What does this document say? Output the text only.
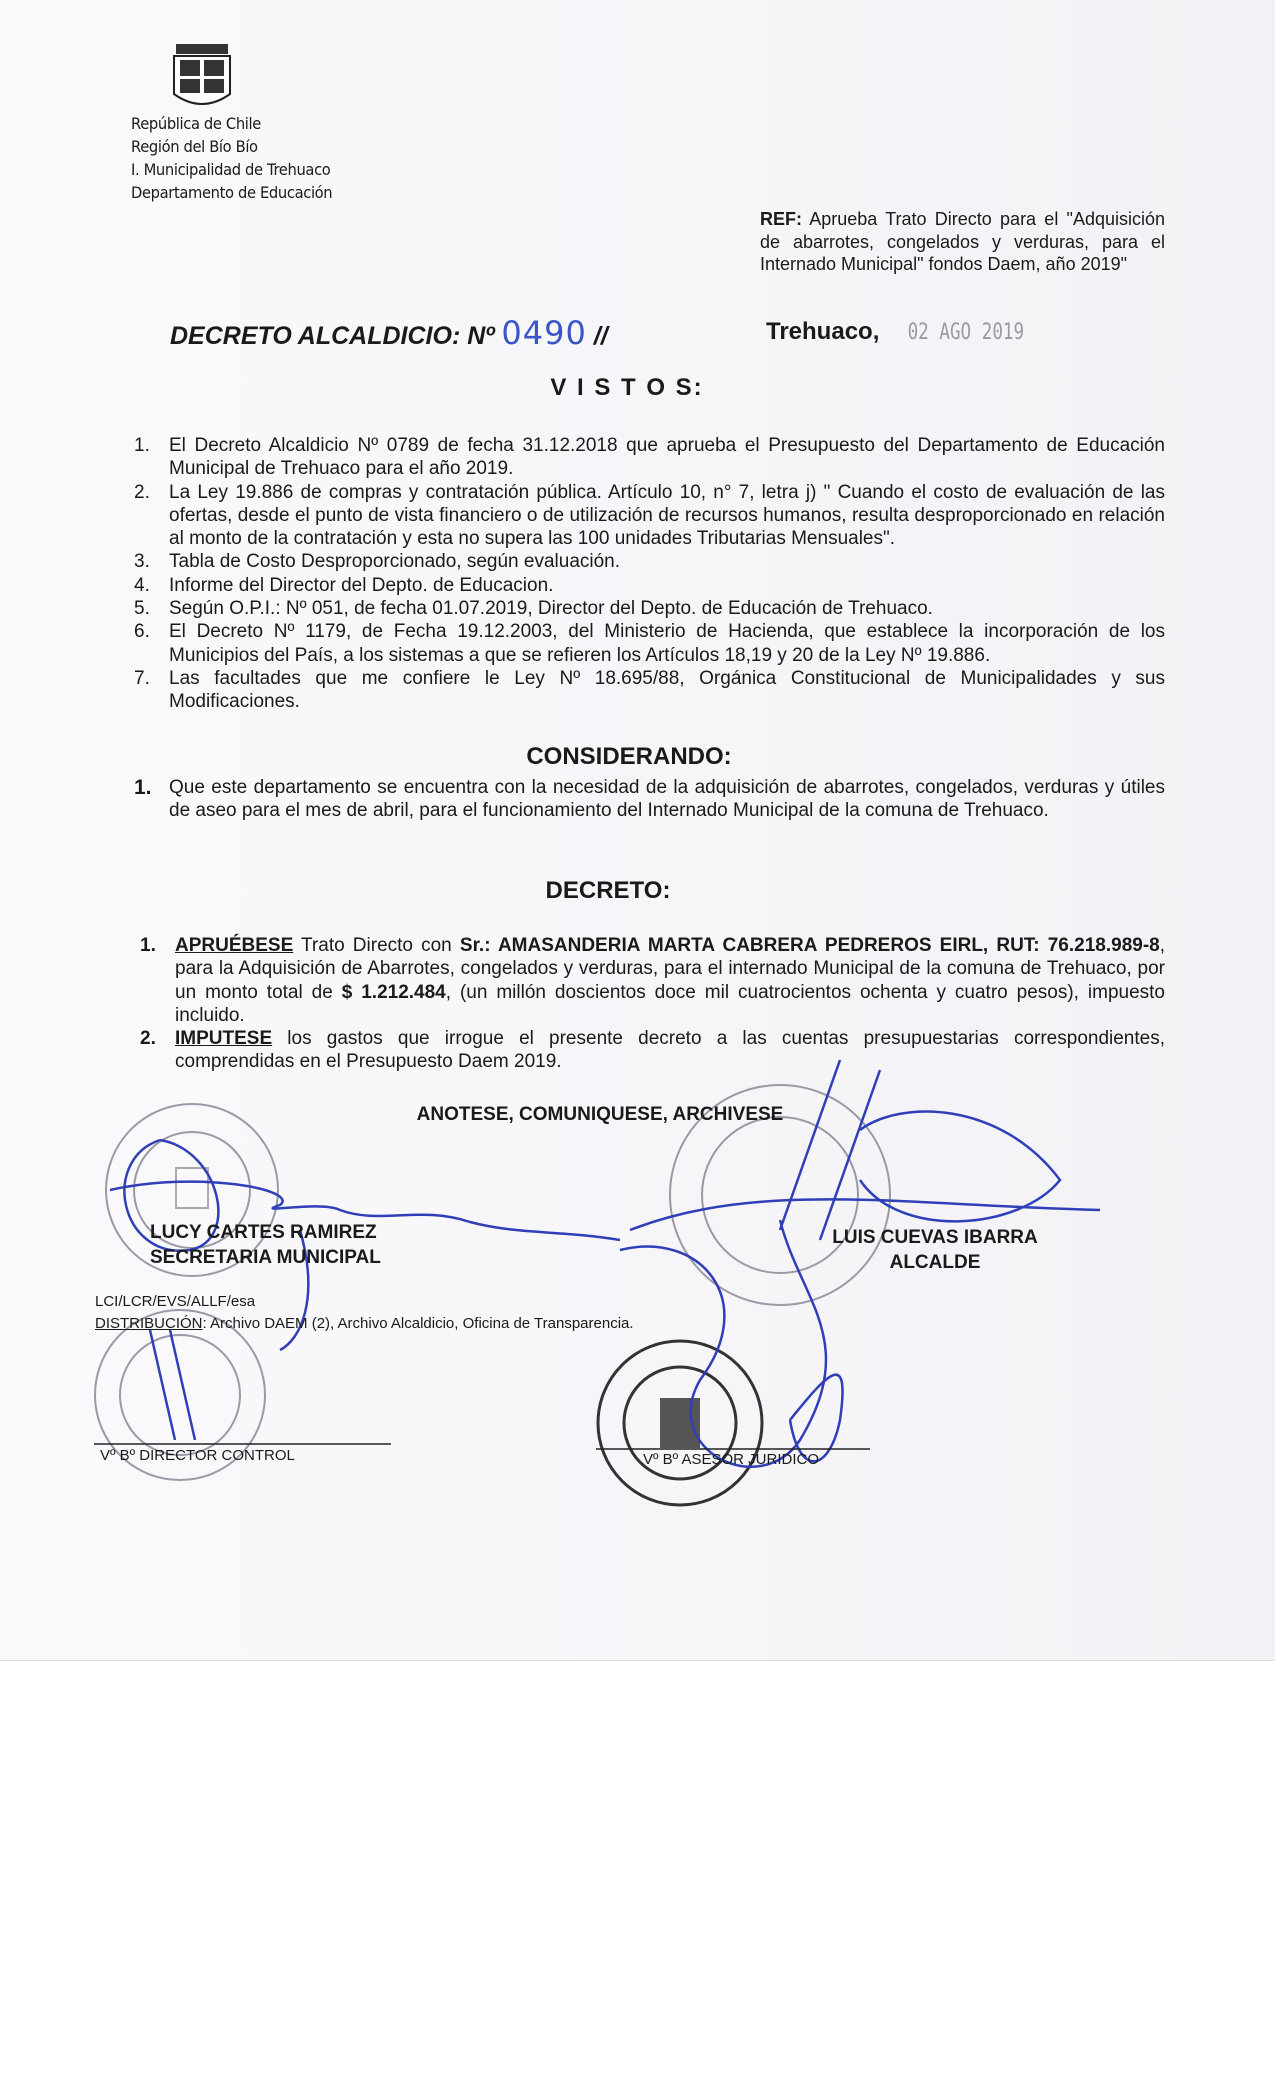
República de Chile
Región del Bío Bío
I. Municipalidad de Trehuaco
Departamento de Educación
REF: Aprueba Trato Directo para el "Adquisición de abarrotes, congelados y verduras, para el Internado Municipal" fondos Daem, año 2019"
DECRETO ALCALDICIO: Nº 0490 //	Trehuaco, 02 AGO 2019
V I S T O S:
1.	El Decreto Alcaldicio Nº 0789 de fecha 31.12.2018 que aprueba el Presupuesto del Departamento de Educación Municipal de Trehuaco para el año 2019.
2.	La Ley 19.886 de compras y contratación pública. Artículo 10, n° 7, letra j) " Cuando el costo de evaluación de las ofertas, desde el punto de vista financiero o de utilización de recursos humanos, resulta desproporcionado en relación al monto de la contratación y esta no supera las 100 unidades Tributarias Mensuales".
3.	Tabla de Costo Desproporcionado, según evaluación.
4.	Informe del Director del Depto. de Educacion.
5.	Según O.P.I.: Nº 051, de fecha 01.07.2019, Director del Depto. de Educación de Trehuaco.
6.	El Decreto Nº 1179, de Fecha 19.12.2003, del Ministerio de Hacienda, que establece la incorporación de los Municipios del País, a los sistemas a que se refieren los Artículos 18,19 y 20 de la Ley Nº 19.886.
7.	Las facultades que me confiere le Ley Nº 18.695/88, Orgánica Constitucional de Municipalidades y sus Modificaciones.
CONSIDERANDO:
1. Que este departamento se encuentra con la necesidad de la adquisición de abarrotes, congelados, verduras y útiles de aseo para el mes de abril, para el funcionamiento del Internado Municipal de la comuna de Trehuaco.
DECRETO:
1.	APRUÉBESE Trato Directo con Sr.: AMASANDERIA MARTA CABRERA PEDREROS EIRL, RUT: 76.218.989-8, para la Adquisición de Abarrotes, congelados y verduras, para el internado Municipal de la comuna de Trehuaco, por un monto total de $ 1.212.484, (un millón doscientos doce mil cuatrocientos ochenta y cuatro pesos), impuesto incluido.
2.	IMPUTESE los gastos que irrogue el presente decreto a las cuentas presupuestarias correspondientes, comprendidas en el Presupuesto Daem 2019.
ANOTESE, COMUNIQUESE, ARCHIVESE
LUCY CARTES RAMIREZ
SECRETARIA MUNICIPAL
LUIS CUEVAS IBARRA
ALCALDE
LCI/LCR/EVS/ALLF/esa
DISTRIBUCIÓN: Archivo DAEM (2), Archivo Alcaldicio, Oficina de Transparencia.
Vº Bº DIRECTOR CONTROL	Vº Bº ASESOR JURIDICO
